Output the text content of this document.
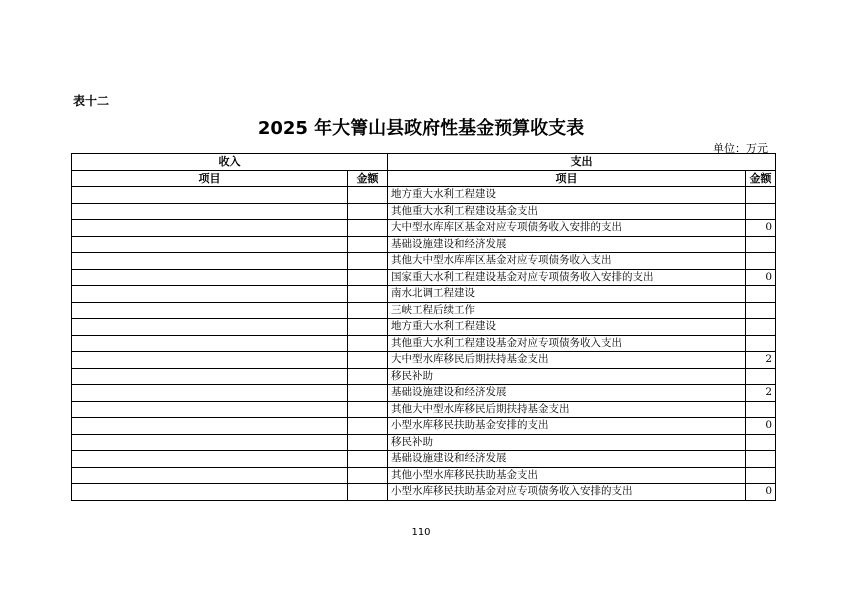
表十二
2025 年大箐山县政府性基金预算收支表
单位：万元
收入		支出	
项目	金额	项目	金额
		地方重大水利工程建设	
		其他重大水利工程建设基金支出	
		大中型水库库区基金对应专项债务收入安排的支出	0
		基础设施建设和经济发展	
		其他大中型水库库区基金对应专项债务收入支出	
		国家重大水利工程建设基金对应专项债务收入安排的支出	0
		南水北调工程建设	
		三峡工程后续工作	
		地方重大水利工程建设	
		其他重大水利工程建设基金对应专项债务收入支出	
		大中型水库移民后期扶持基金支出	2
		移民补助	
		基础设施建设和经济发展	2
		其他大中型水库移民后期扶持基金支出	
		小型水库移民扶助基金安排的支出	0
		移民补助	
		基础设施建设和经济发展	
		其他小型水库移民扶助基金支出	
		小型水库移民扶助基金对应专项债务收入安排的支出	0
110
